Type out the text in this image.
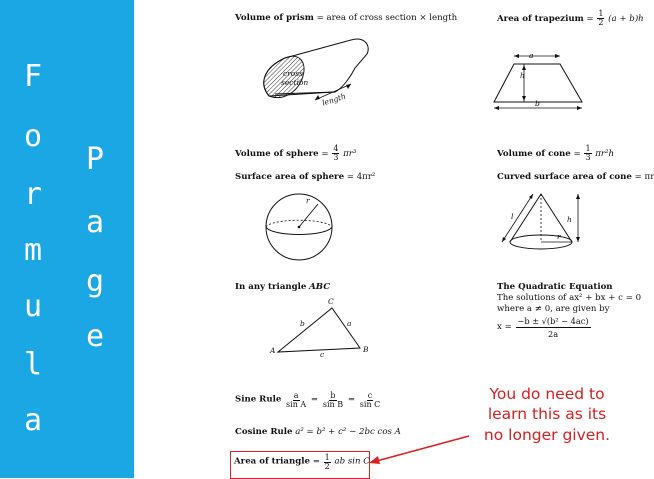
F
o
r
m
u
l
a
P
a
g
e
Volume of prism = area of cross section × length
cross
section
length
Area of trapezium = $\frac{1}{2} (a + b)h$
a
h
b
Volume of sphere = $\frac{4}{3} \pi r^3$
Surface area of sphere = 4πr²
r
Volume of cone = $\frac{1}{3} \pi r^2h$
Curved surface area of cone = πr
l	h
r
In any triangle ABC
C
A	B
b	a
c
The Quadratic Equation
The solutions of ax² + bx + c = 0
where a ≠ 0, are given by
$x = \frac{\text{−b ± √(b² − 4ac)}}{2a}$
Sine Rule $\frac{a}{\text{sin A}} = \frac{b}{\text{sin B}} = \frac{c}{\text{sin C}}$
Cosine Rule a² = b² + c² − 2bc cos A
Area of triangle = $\frac{1}{2}$ ab sin C
You do need to
learn this as its
no longer given.
